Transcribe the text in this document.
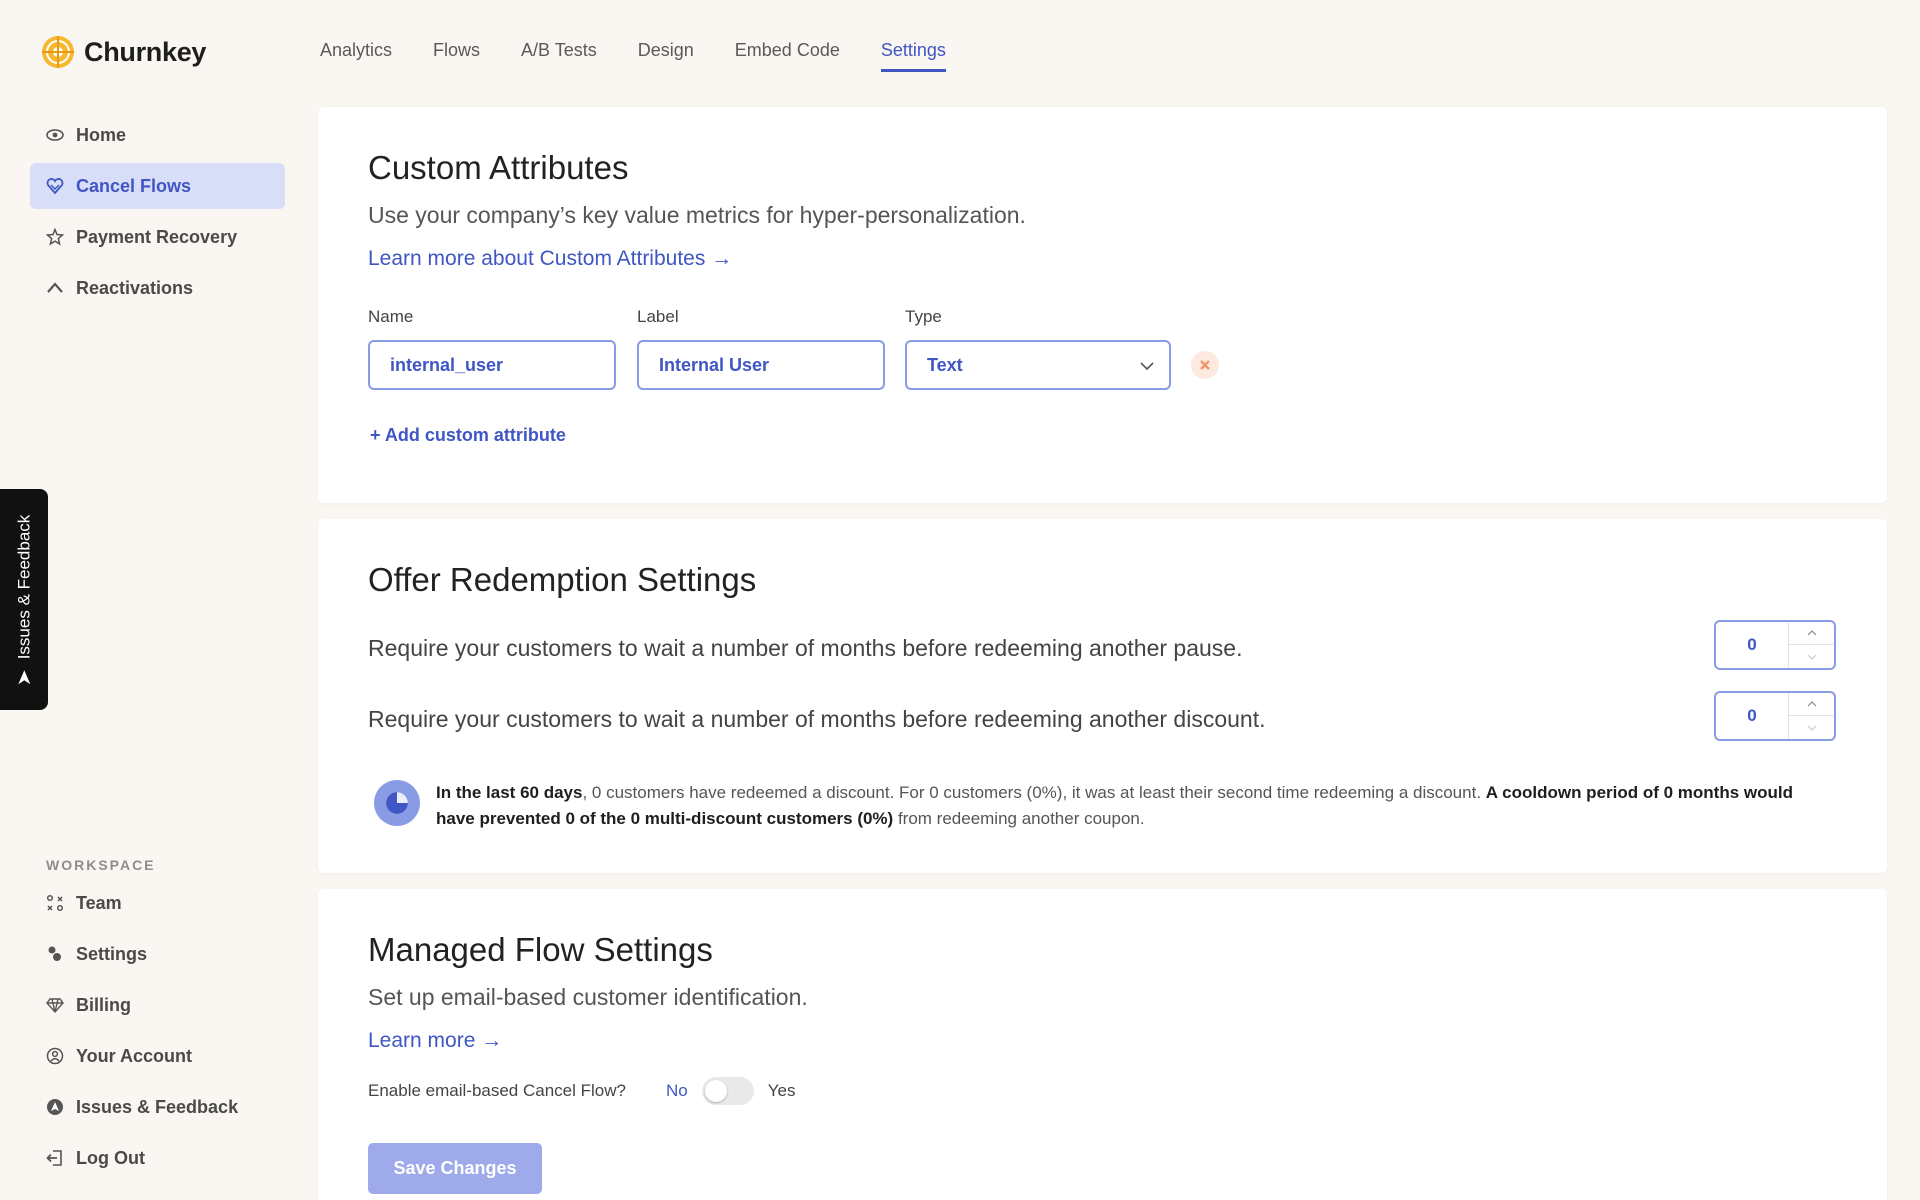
Churnkey
Home
Cancel Flows
Payment Recovery
Reactivations
WORKSPACE
Team
Settings
Billing
Your Account
Issues & Feedback
Log Out
Issues & Feedback
Analytics Flows A/B Tests Design Embed Code Settings
Custom Attributes
Use your company’s key value metrics for hyper-personalization.
Learn more about Custom Attributes →
Name	Label	Type
internal_user	Internal User	Text
+ Add custom attribute
Offer Redemption Settings
Require your customers to wait a number of months before redeeming another pause.	0
Require your customers to wait a number of months before redeeming another discount.	0
In the last 60 days, 0 customers have redeemed a discount. For 0 customers (0%), it was at least their second time redeeming a discount. A cooldown period of 0 months would have prevented 0 of the 0 multi-discount customers (0%) from redeeming another coupon.
Managed Flow Settings
Set up email-based customer identification.
Learn more →
Enable email-based Cancel Flow? No	Yes
Save Changes
